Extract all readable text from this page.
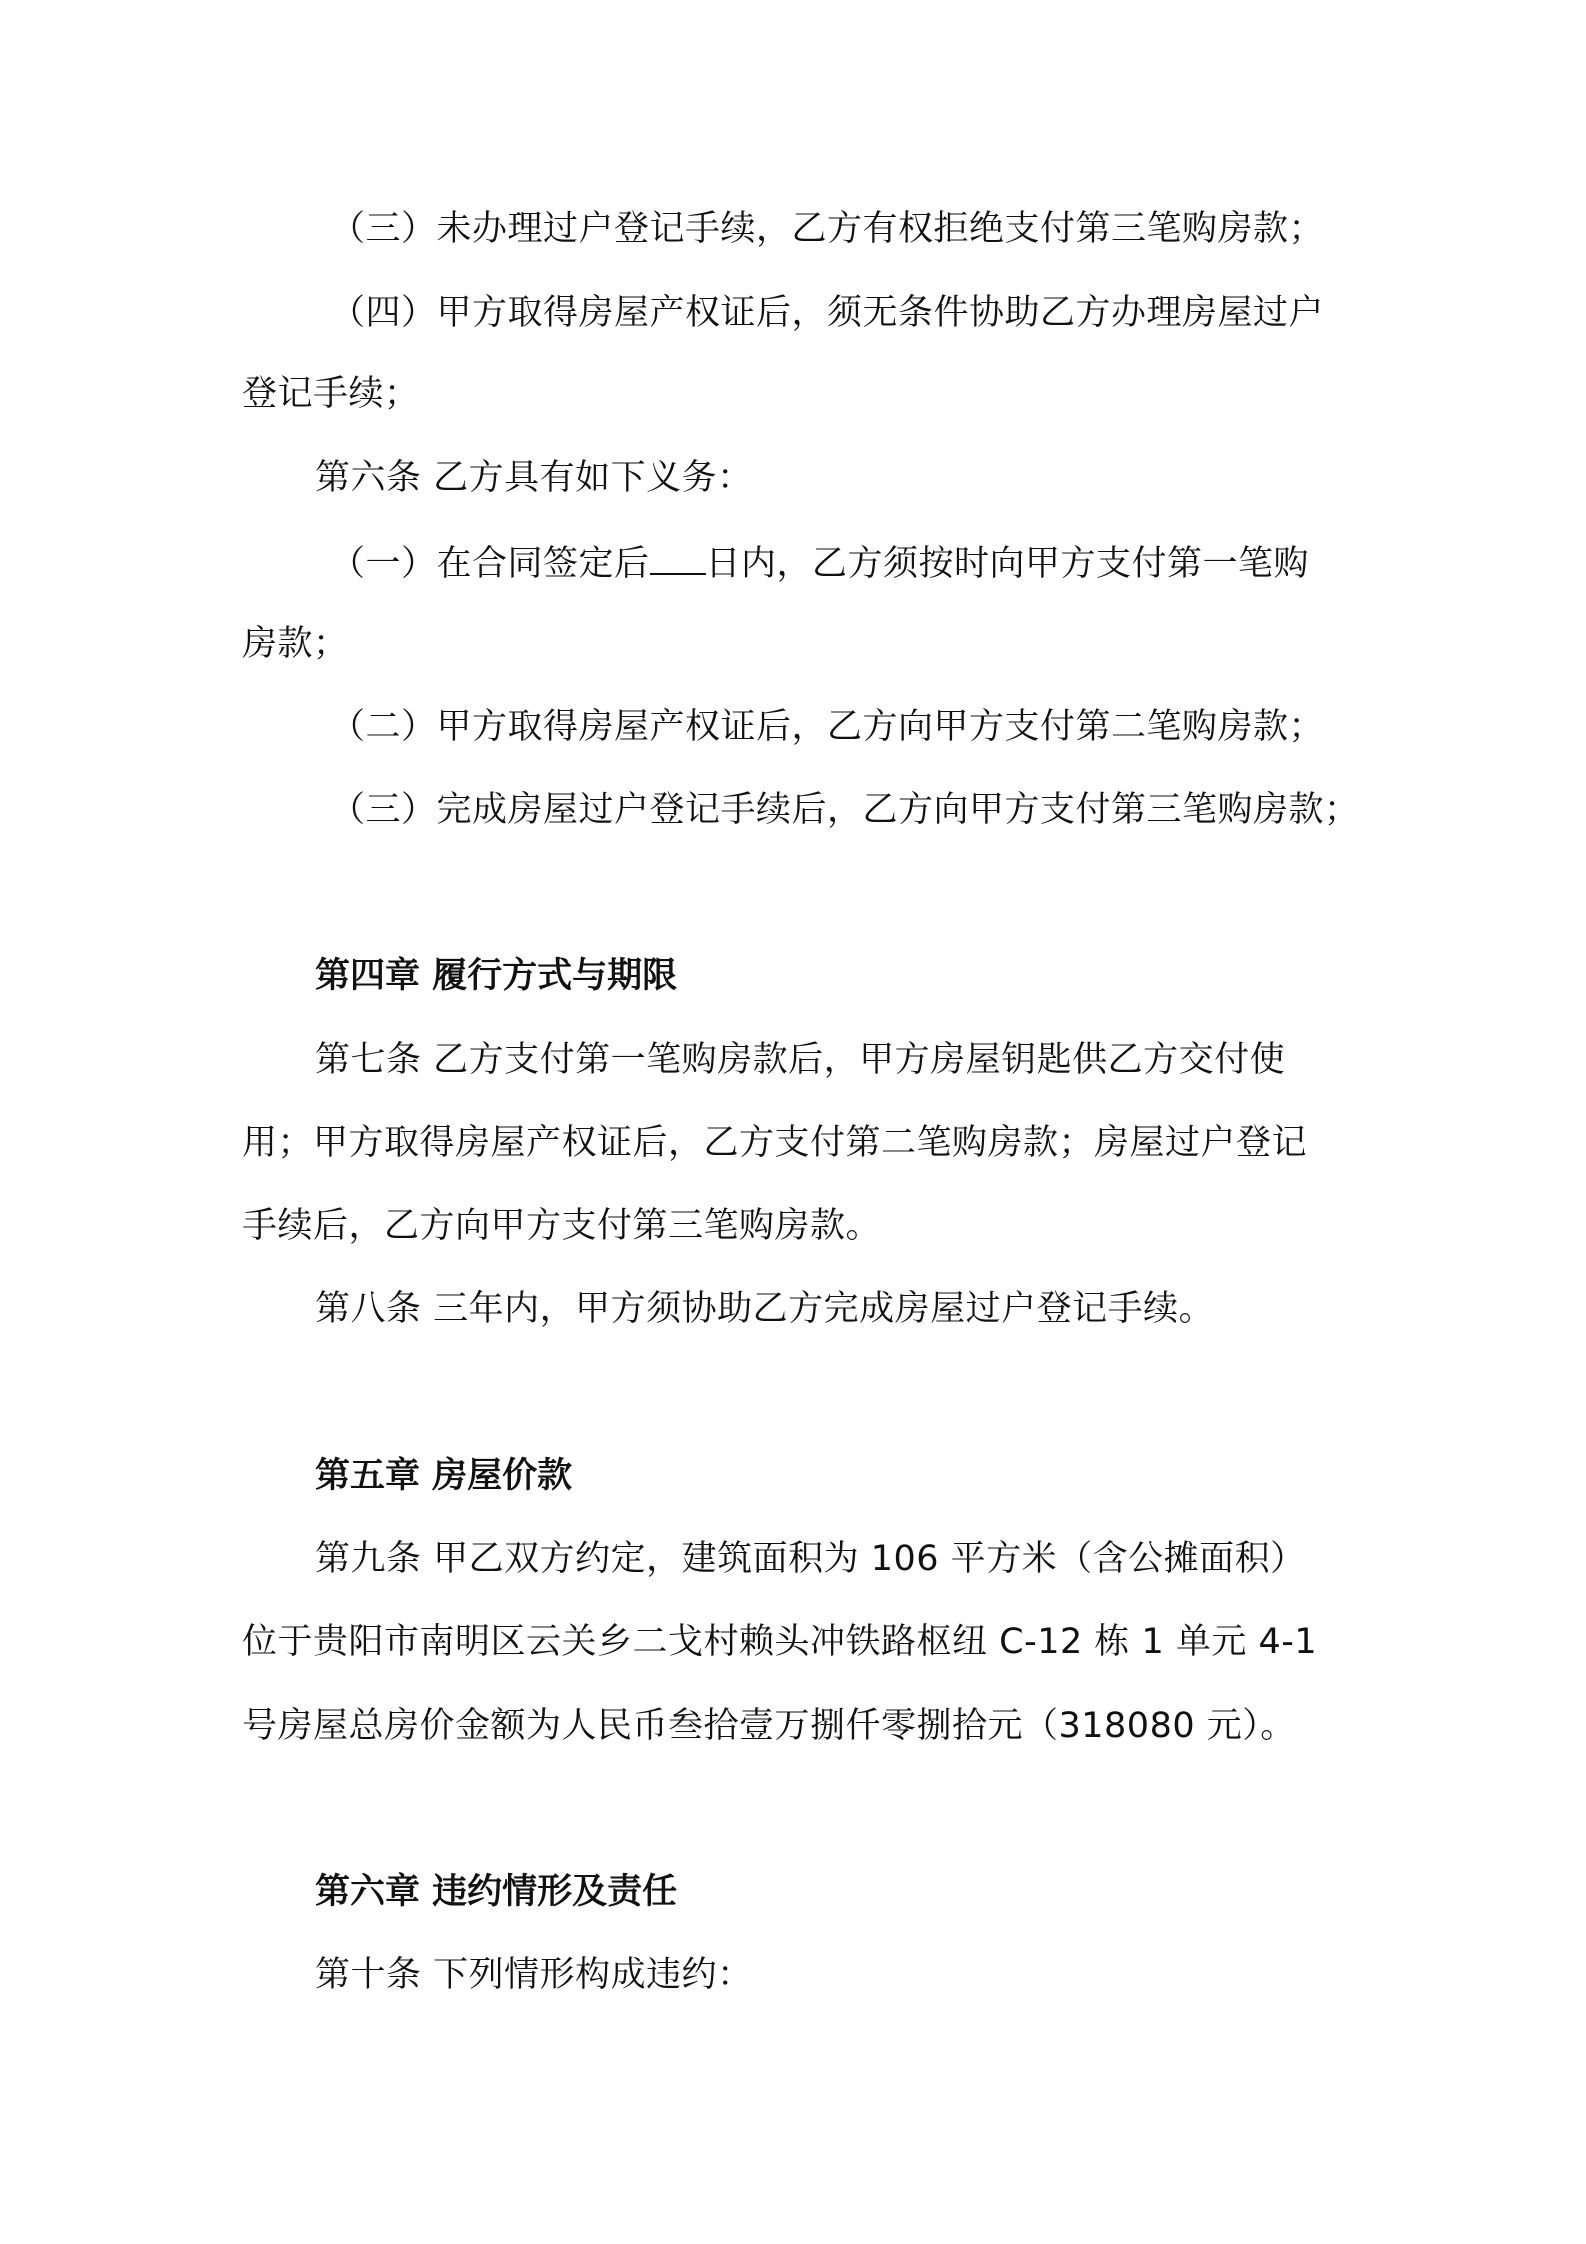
（三）未办理过户登记手续，乙方有权拒绝支付第三笔购房款；
（四）甲方取得房屋产权证后，须无条件协助乙方办理房屋过户
登记手续；
第六条 乙方具有如下义务：
（一）在合同签定后 日内，乙方须按时向甲方支付第一笔购
房款；
（二）甲方取得房屋产权证后，乙方向甲方支付第二笔购房款；
（三）完成房屋过户登记手续后，乙方向甲方支付第三笔购房款；
第四章 履行方式与期限
第七条 乙方支付第一笔购房款后，甲方房屋钥匙供乙方交付使
用；甲方取得房屋产权证后，乙方支付第二笔购房款；房屋过户登记
手续后，乙方向甲方支付第三笔购房款。
第八条 三年内，甲方须协助乙方完成房屋过户登记手续。
第五章 房屋价款
第九条 甲乙双方约定，建筑面积为 106 平方米（含公摊面积）
位于贵阳市南明区云关乡二戈村赖头冲铁路枢纽 C-12 栋 1 单元 4-1
号房屋总房价金额为人民币叁拾壹万捌仟零捌拾元（318080 元）。
第六章 违约情形及责任
第十条 下列情形构成违约：
